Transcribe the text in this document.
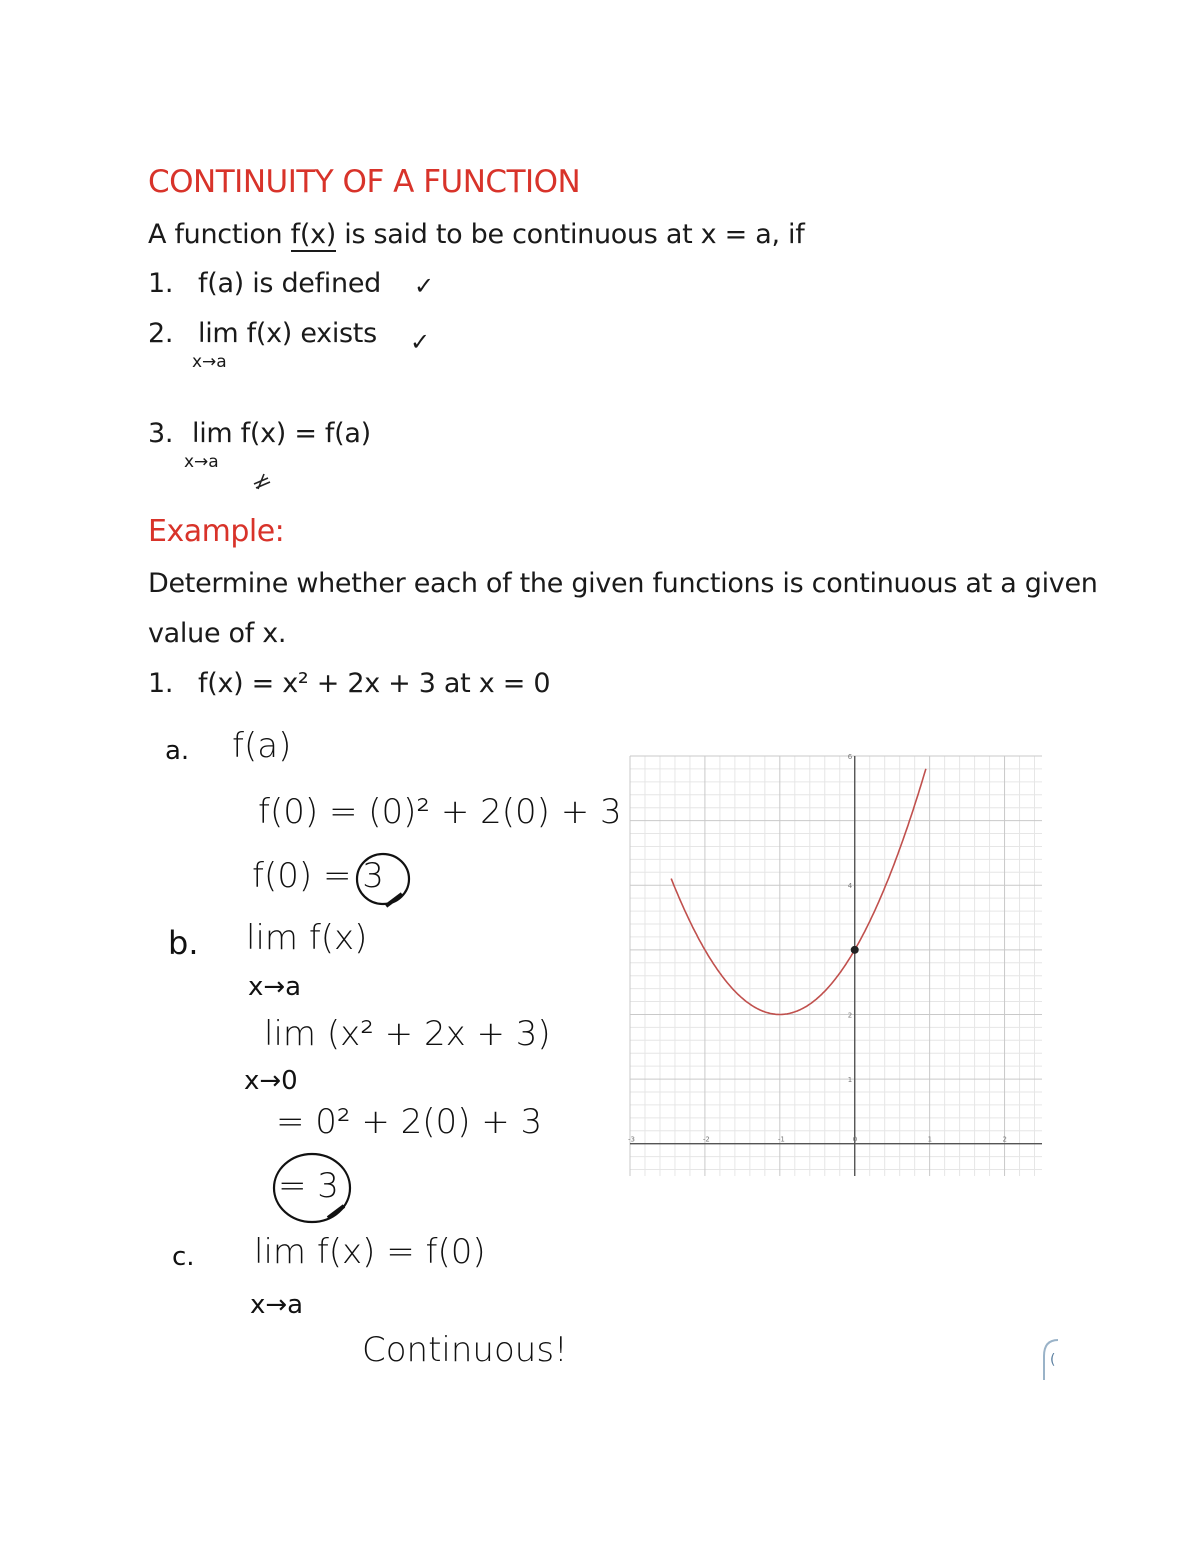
CONTINUITY OF A FUNCTION
A function f(x) is said to be continuous at x = a, if
1. f(a) is defined ✓
2. lim f(x) exists
x→a
✓
3. lim f(x) = f(a)
x→a
Example:
Determine whether each of the given functions is continuous at a given
value of x.
1. f(x) = x² + 2x + 3 at x = 0
a. f(a)
f(0) = (0)² + 2(0) + 3
f(0) = 3
b. lim f(x)
x→a
lim (x² + 2x + 3)
x→0
= 0² + 2(0) + 3
= 3
c. lim f(x) = f(0)
x→a
Continuous!
-3	-2	-1	0	1	2
1
2
4
6
(
